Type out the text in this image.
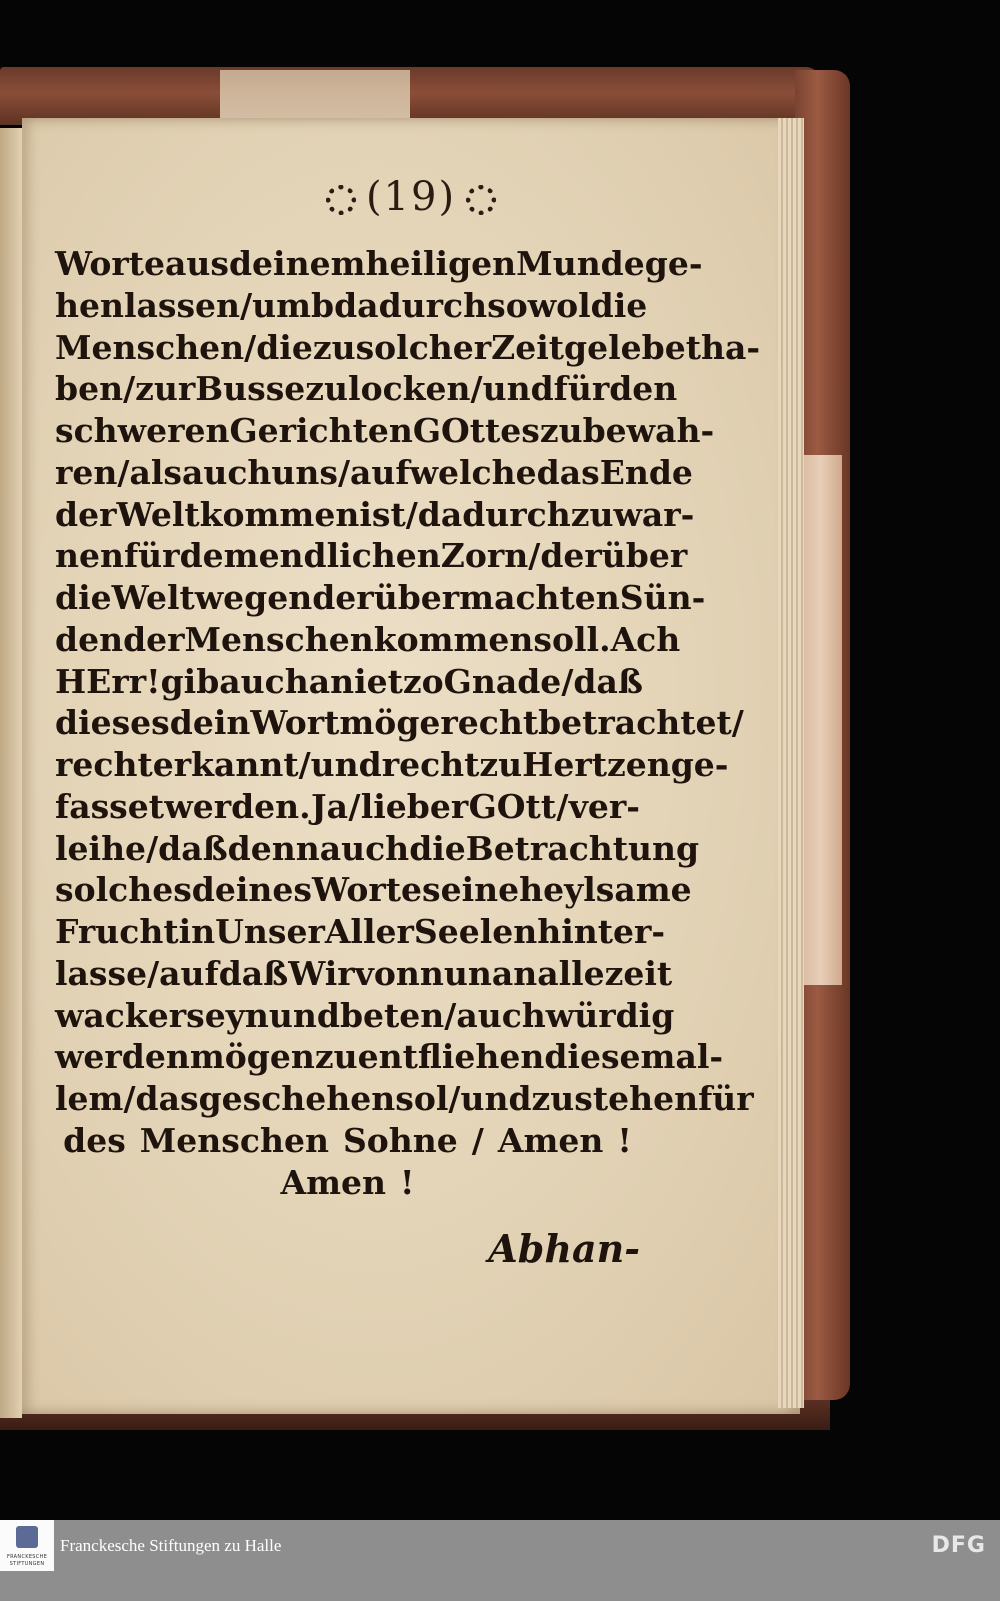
(19)
Worte aus deinem heiligen Munde ge-
hen lassen / umb dadurch so wol die
Menschen/ die zu solcher Zeit gelebet ha-
ben / zur Busse zu locken / und für den
schweren Gerichten GOttes zu bewah-
ren / als auch uns/ auf welche das Ende
der Welt kommen ist / dadurch zu war-
nen für dem endlichen Zorn / der über
die Welt wegen der übermachten Sün-
den der Menschen kommen soll. Ach
HErr ! gib auch anietzo Gnade / daß
dieses dein Wort möge recht betrachtet/
recht erkannt / und recht zu Hertzen ge-
fasset werden. Ja / lieber GOtt / ver-
leihe / daß denn auch die Betrachtung
solches deines Wortes eine heylsame
Frucht in Unser Aller Seelen hinter-
lasse / auf daß Wir von nun an allezeit
wacker seyn und beten / auch würdig
werden mögen zu entfliehen diesem al-
lem/ das geschehen sol/ und zu stehen für
des Menschen Sohne / Amen !
Amen !
Abhan-
FRANCKESCHE
STIFTUNGEN
Franckesche Stiftungen zu Halle	DFG
